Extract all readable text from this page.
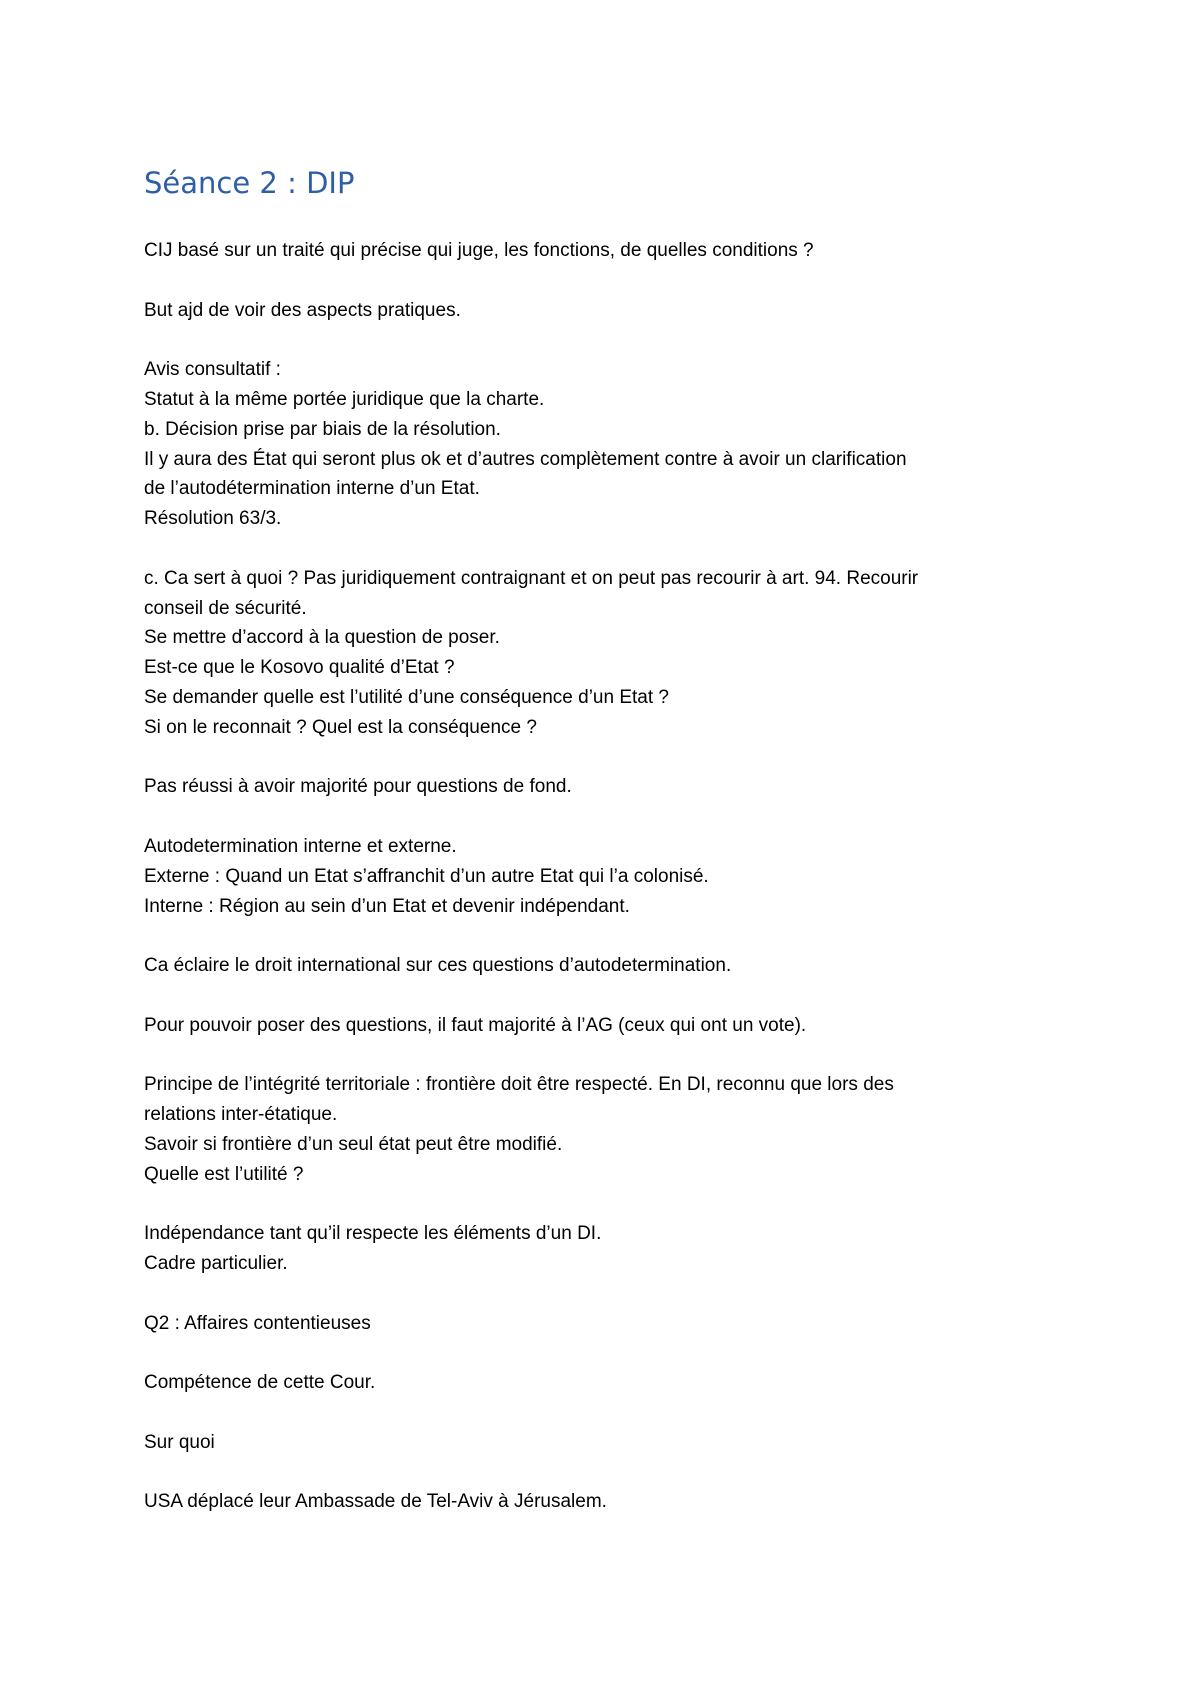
Séance 2 : DIP

CIJ basé sur un traité qui précise qui juge, les fonctions, de quelles conditions ?

But ajd de voir des aspects pratiques.

Avis consultatif :

Statut à la même portée juridique que la charte.

b. Décision prise par biais de la résolution.

Il y aura des État qui seront plus ok et d’autres complètement contre à avoir un clarification

de l’autodétermination interne d’un Etat.

Résolution 63/3.

c. Ca sert à quoi ? Pas juridiquement contraignant et on peut pas recourir à art. 94. Recourir

conseil de sécurité.

Se mettre d’accord à la question de poser.

Est-ce que le Kosovo qualité d’Etat ?

Se demander quelle est l’utilité d’une conséquence d’un Etat ?

Si on le reconnait ? Quel est la conséquence ?

Pas réussi à avoir majorité pour questions de fond.

Autodetermination interne et externe.

Externe : Quand un Etat s’affranchit d’un autre Etat qui l’a colonisé.

Interne : Région au sein d’un Etat et devenir indépendant.

Ca éclaire le droit international sur ces questions d’autodetermination.

Pour pouvoir poser des questions, il faut majorité à l’AG (ceux qui ont un vote).

Principe de l’intégrité territoriale : frontière doit être respecté. En DI, reconnu que lors des

relations inter-étatique.

Savoir si frontière d’un seul état peut être modifié.

Quelle est l’utilité ?

Indépendance tant qu’il respecte les éléments d’un DI.

Cadre particulier.

Q2 : Affaires contentieuses

Compétence de cette Cour.

Sur quoi

USA déplacé leur Ambassade de Tel-Aviv à Jérusalem.
